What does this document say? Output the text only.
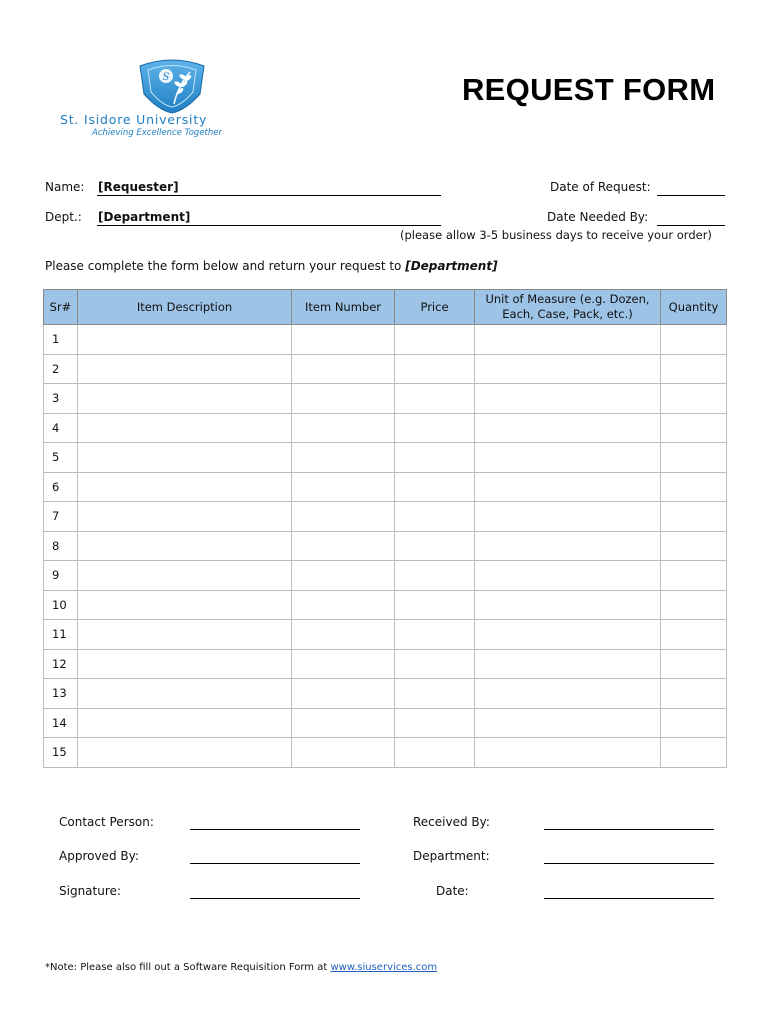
S
St. Isidore University
Achieving Excellence Together
REQUEST FORM
Name: [Requester]	Date of Request:
Dept.: [Department]	Date Needed By:
(please allow 3-5 business days to receive your order)
Please complete the form below and return your request to [Department]
Sr#	Item Description	Item Number	Price	Unit of Measure (e.g. Dozen, Each, Case, Pack, etc.)	Quantity
1					
2					
3					
4					
5					
6					
7					
8					
9					
10					
11					
12					
13					
14					
15					
Contact Person:	Received By:
Approved By:	Department:
Signature:	Date:
*Note: Please also fill out a Software Requisition Form at www.siuservices.com
